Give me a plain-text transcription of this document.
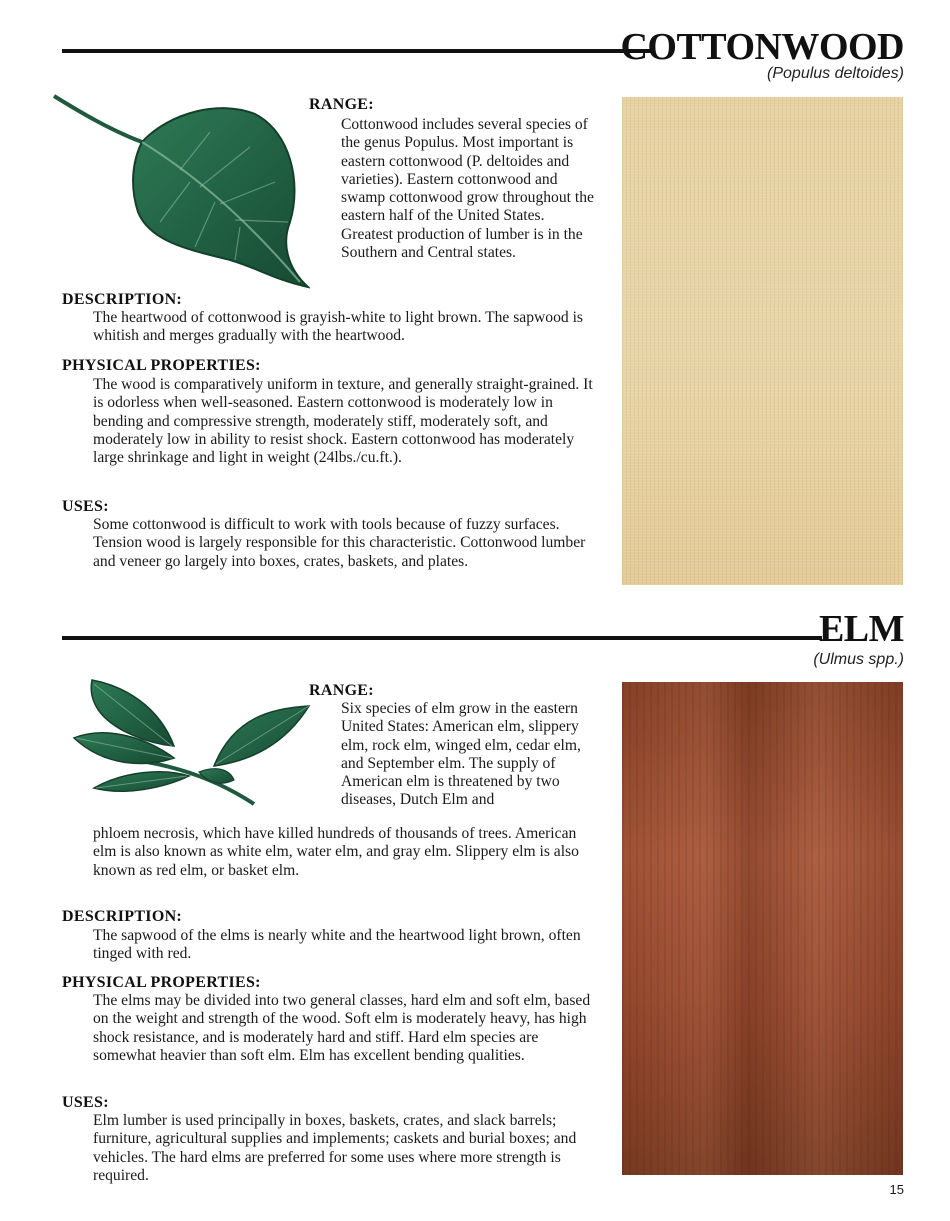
COTTONWOOD
(Populus deltoides)
RANGE:

Cottonwood includes several species of the genus Populus. Most important is eastern cottonwood (P. deltoides and varieties). Eastern cottonwood and swamp cottonwood grow throughout the eastern half of the United States. Greatest production of lumber is in the Southern and Central states.

DESCRIPTION:

The heartwood of cottonwood is grayish-white to light brown. The sapwood is whitish and merges gradually with the heartwood.

PHYSICAL PROPERTIES:

The wood is comparatively uniform in texture, and generally straight-grained. It is odorless when well-seasoned. Eastern cottonwood is moderately low in bending and compressive strength, moderately stiff, moderately soft, and moderately low in ability to resist shock. Eastern cottonwood has moderately large shrinkage and light in weight (24lbs./cu.ft.).

USES:

Some cottonwood is difficult to work with tools because of fuzzy surfaces. Tension wood is largely responsible for this characteristic. Cottonwood lumber and veneer go largely into boxes, crates, baskets, and plates.

ELM
(Ulmus spp.)
RANGE:

Six species of elm grow in the eastern United States: American elm, slippery elm, rock elm, winged elm, cedar elm, and September elm. The supply of American elm is threatened by two diseases, Dutch Elm and

phloem necrosis, which have killed hundreds of thousands of trees. American elm is also known as white elm, water elm, and gray elm. Slippery elm is also known as red elm, or basket elm.

DESCRIPTION:

The sapwood of the elms is nearly white and the heartwood light brown, often tinged with red.

PHYSICAL PROPERTIES:

The elms may be divided into two general classes, hard elm and soft elm, based on the weight and strength of the wood. Soft elm is moderately heavy, has high shock resistance, and is moderately hard and stiff. Hard elm species are somewhat heavier than soft elm. Elm has excellent bending qualities.

USES:

Elm lumber is used principally in boxes, baskets, crates, and slack barrels; furniture, agricultural supplies and implements; caskets and burial boxes; and vehicles. The hard elms are preferred for some uses where more strength is required.

15
